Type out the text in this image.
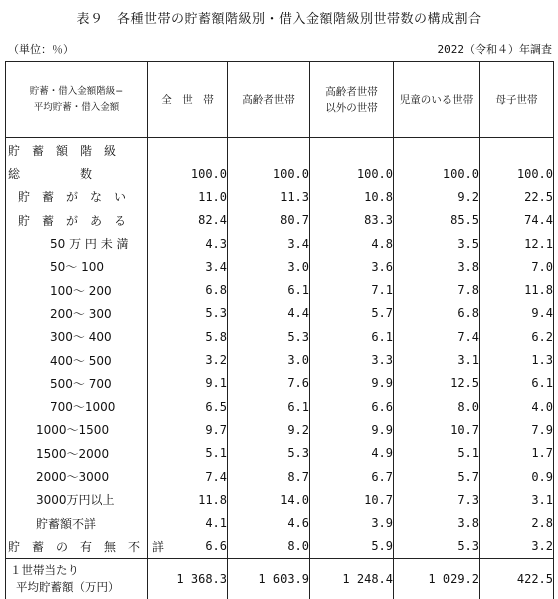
表９　各種世帯の貯蓄額階級別・借入金額階級別世帯数の構成割合
（単位：％）	2022（令和４）年調査
貯蓄・借入金額階級−
平均貯蓄・借入金額	全　世　帯	高齢者世帯	高齢者世帯
以外の世帯	児童のいる世帯	母子世帯
貯　蓄　額　階　級					
総　　　　　数	100.0	100.0	100.0	100.0	100.0
貯　蓄　が　な　い	11.0	11.3	10.8	9.2	22.5
貯　蓄　が　あ　る	82.4	80.7	83.3	85.5	74.4
50 万 円 未 満	4.3	3.4	4.8	3.5	12.1
50～ 100	3.4	3.0	3.6	3.8	7.0
100～ 200	6.8	6.1	7.1	7.8	11.8
200～ 300	5.3	4.4	5.7	6.8	9.4
300～ 400	5.8	5.3	6.1	7.4	6.2
400～ 500	3.2	3.0	3.3	3.1	1.3
500～ 700	9.1	7.6	9.9	12.5	6.1
700～1000	6.5	6.1	6.6	8.0	4.0
1000～1500	9.7	9.2	9.9	10.7	7.9
1500～2000	5.1	5.3	4.9	5.1	1.7
2000～3000	7.4	8.7	6.7	5.7	0.9
3000万円以上	11.8	14.0	10.7	7.3	3.1
貯蓄額不詳	4.1	4.6	3.9	3.8	2.8
貯　蓄　の　有　無　不　詳	6.6	8.0	5.9	5.3	3.2

１世帯当たり
平均貯蓄額（万円）	1 368.3	1 603.9	1 248.4	1 029.2	422.5
